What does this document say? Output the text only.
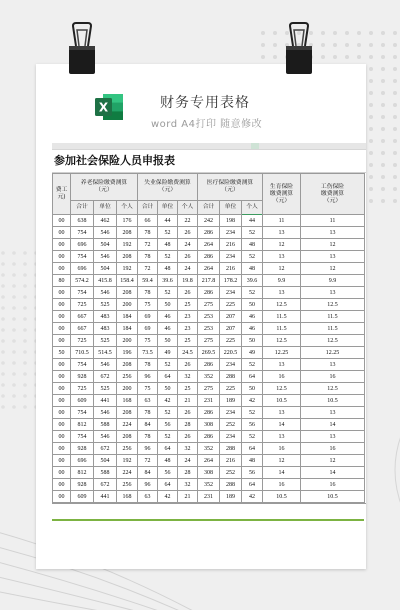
X	财务专用表格
word A4打印 随意修改
参加社会保险人员申报表
费工
元)	养老保险缴费测算
（元）			失业保险缴费测算
（元）			医疗保险缴费测算
（元）			生育保险
缴费测算
（元）	工伤保险
缴费测算
（元）
	合计	单位	个人	合计	单位	个人	合计	单位	个人		
00	638	462	176	66	44	22	242	198	44	11	11
00	754	546	208	78	52	26	286	234	52	13	13
00	696	504	192	72	48	24	264	216	48	12	12
00	754	546	208	78	52	26	286	234	52	13	13
00	696	504	192	72	48	24	264	216	48	12	12
80	574.2	415.8	158.4	59.4	39.6	19.8	217.8	178.2	39.6	9.9	9.9
00	754	546	208	78	52	26	286	234	52	13	13
00	725	525	200	75	50	25	275	225	50	12.5	12.5
00	667	483	184	69	46	23	253	207	46	11.5	11.5
00	667	483	184	69	46	23	253	207	46	11.5	11.5
00	725	525	200	75	50	25	275	225	50	12.5	12.5
50	710.5	514.5	196	73.5	49	24.5	269.5	220.5	49	12.25	12.25
00	754	546	208	78	52	26	286	234	52	13	13
00	928	672	256	96	64	32	352	288	64	16	16
00	725	525	200	75	50	25	275	225	50	12.5	12.5
00	609	441	168	63	42	21	231	189	42	10.5	10.5
00	754	546	208	78	52	26	286	234	52	13	13
00	812	588	224	84	56	28	308	252	56	14	14
00	754	546	208	78	52	26	286	234	52	13	13
00	928	672	256	96	64	32	352	288	64	16	16
00	696	504	192	72	48	24	264	216	48	12	12
00	812	588	224	84	56	28	308	252	56	14	14
00	928	672	256	96	64	32	352	288	64	16	16
00	609	441	168	63	42	21	231	189	42	10.5	10.5
